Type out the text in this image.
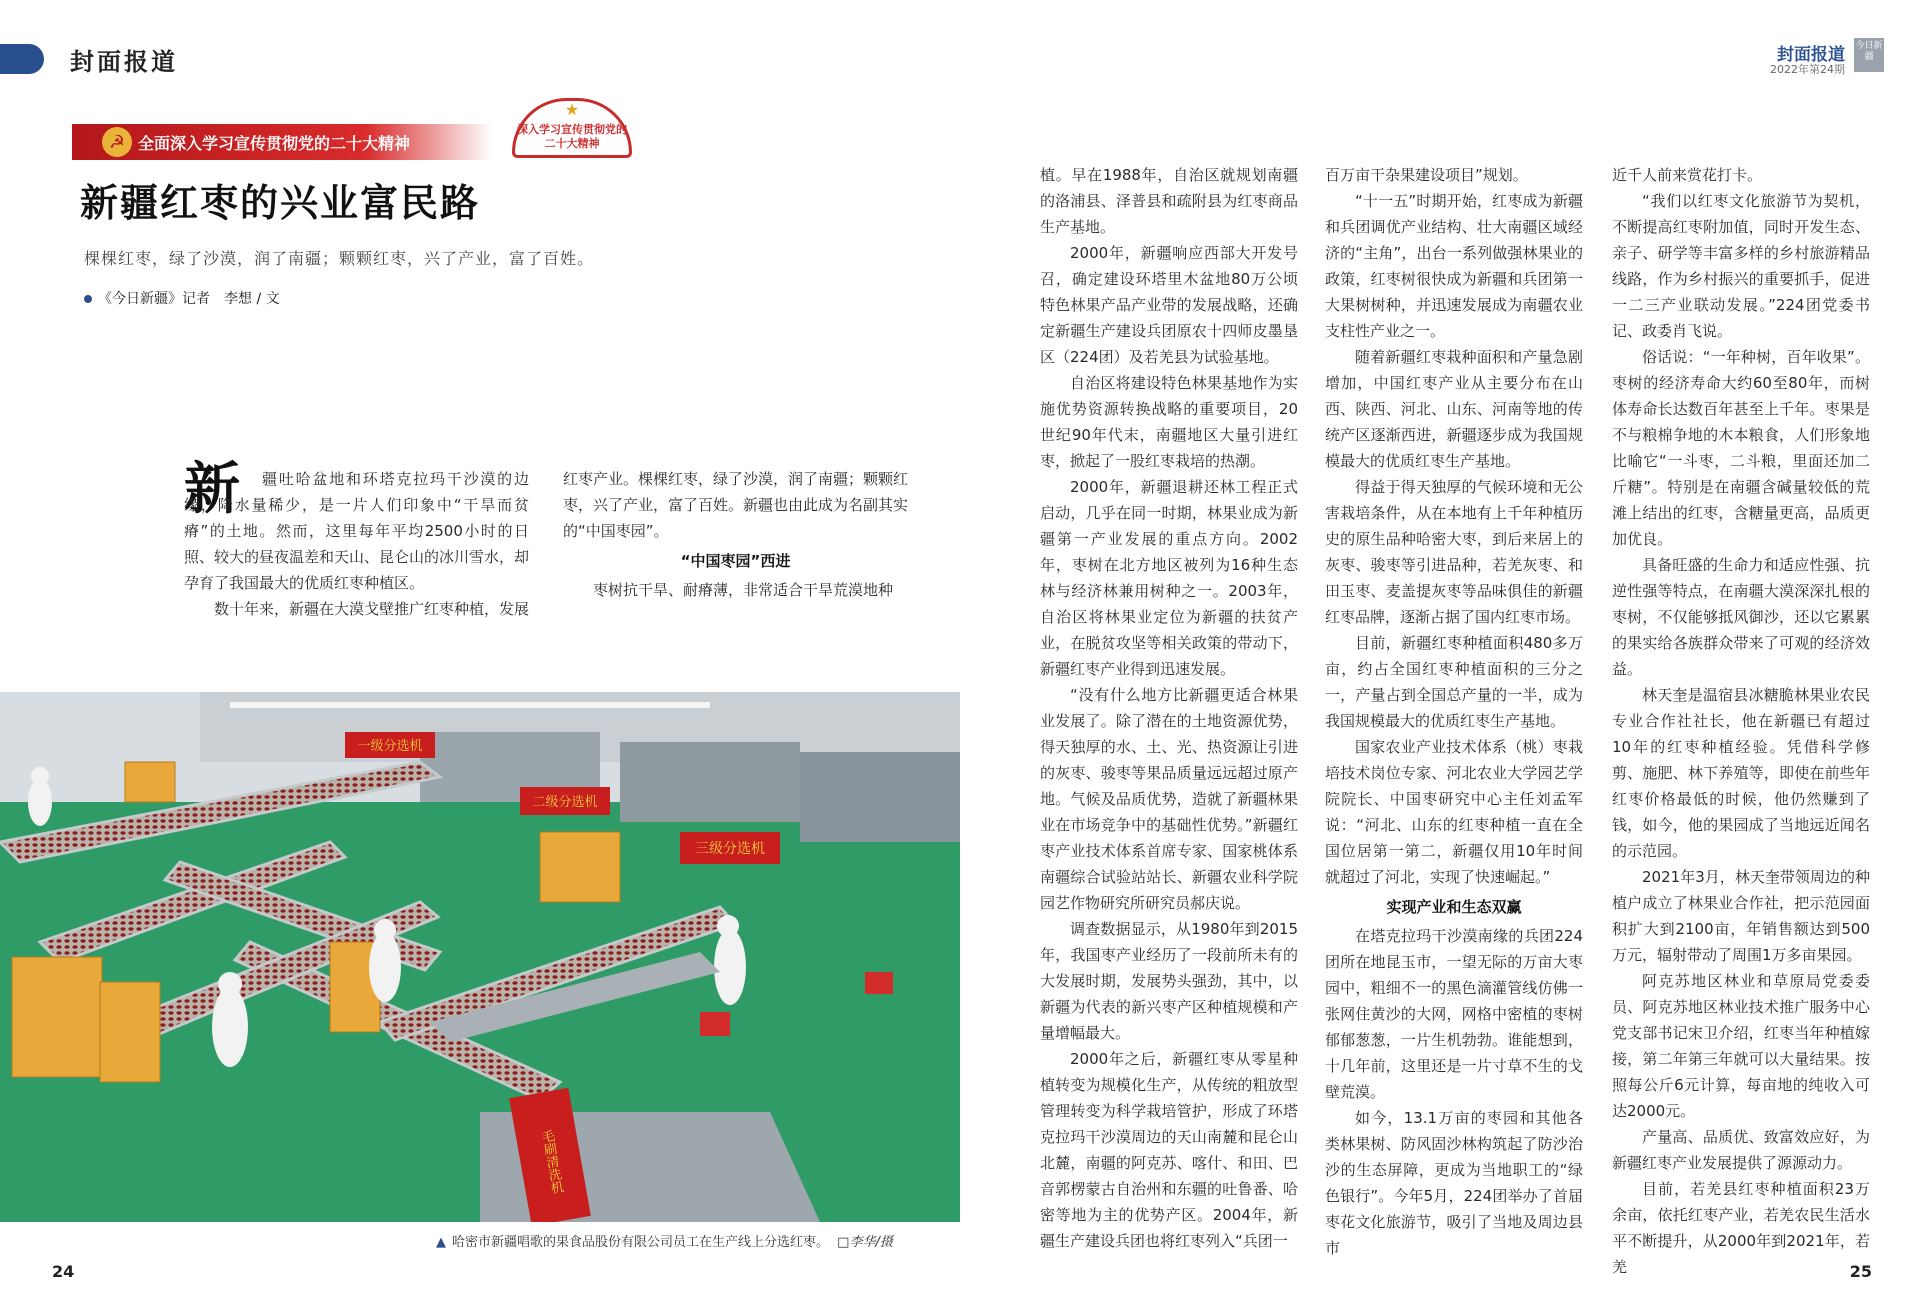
封面报道	封面报道
2022年第24期
今日新疆
☭ 全面深入学习宣传贯彻党的二十大精神
★
深入学习宣传贯彻党的二十大精神
新疆红枣的兴业富民路
棵棵红枣，绿了沙漠，润了南疆；颗颗红枣，兴了产业，富了百姓。
《今日新疆》记者　李想 / 文
新	疆吐哈盆地和环塔克拉玛干沙漠的边缘，降水量稀少，是一片人们印象中“干旱而贫瘠”的土地。然而，这里每年平均2500小时的日照、较大的昼夜温差和天山、昆仑山的冰川雪水，却孕育了我国最大的优质红枣种植区。

数十年来，新疆在大漠戈壁推广红枣种植，发展

红枣产业。棵棵红枣，绿了沙漠，润了南疆；颗颗红枣，兴了产业，富了百姓。新疆也由此成为名副其实的“中国枣园”。

“中国枣园”西进

枣树抗干旱、耐瘠薄，非常适合干旱荒漠地种

植。早在1988年，自治区就规划南疆的洛浦县、泽普县和疏附县为红枣商品生产基地。

2000年，新疆响应西部大开发号召，确定建设环塔里木盆地80万公顷特色林果产品产业带的发展战略，还确定新疆生产建设兵团原农十四师皮墨垦区（224团）及若羌县为试验基地。

自治区将建设特色林果基地作为实施优势资源转换战略的重要项目，20世纪90年代末，南疆地区大量引进红枣，掀起了一股红枣栽培的热潮。

2000年，新疆退耕还林工程正式启动，几乎在同一时期，林果业成为新疆第一产业发展的重点方向。2002年，枣树在北方地区被列为16种生态林与经济林兼用树种之一。2003年，自治区将林果业定位为新疆的扶贫产业，在脱贫攻坚等相关政策的带动下，新疆红枣产业得到迅速发展。

“没有什么地方比新疆更适合林果业发展了。除了潜在的土地资源优势，得天独厚的水、土、光、热资源让引进的灰枣、骏枣等果品质量远远超过原产地。气候及品质优势，造就了新疆林果业在市场竞争中的基础性优势。”新疆红枣产业技术体系首席专家、国家桃体系南疆综合试验站站长、新疆农业科学院园艺作物研究所研究员郝庆说。

调查数据显示，从1980年到2015年，我国枣产业经历了一段前所未有的大发展时期，发展势头强劲，其中，以新疆为代表的新兴枣产区种植规模和产量增幅最大。

2000年之后，新疆红枣从零星种植转变为规模化生产，从传统的粗放型管理转变为科学栽培管护，形成了环塔克拉玛干沙漠周边的天山南麓和昆仑山北麓，南疆的阿克苏、喀什、和田、巴音郭楞蒙古自治州和东疆的吐鲁番、哈密等地为主的优势产区。2004年，新疆生产建设兵团也将红枣列入“兵团一

百万亩干杂果建设项目”规划。

“十一五”时期开始，红枣成为新疆和兵团调优产业结构、壮大南疆区域经济的“主角”，出台一系列做强林果业的政策，红枣树很快成为新疆和兵团第一大果树树种，并迅速发展成为南疆农业支柱性产业之一。

随着新疆红枣栽种面积和产量急剧增加，中国红枣产业从主要分布在山西、陕西、河北、山东、河南等地的传统产区逐渐西进，新疆逐步成为我国规模最大的优质红枣生产基地。

得益于得天独厚的气候环境和无公害栽培条件，从在本地有上千年种植历史的原生品种哈密大枣，到后来居上的灰枣、骏枣等引进品种，若羌灰枣、和田玉枣、麦盖提灰枣等品味俱佳的新疆红枣品牌，逐渐占据了国内红枣市场。

目前，新疆红枣种植面积480多万亩，约占全国红枣种植面积的三分之一，产量占到全国总产量的一半，成为我国规模最大的优质红枣生产基地。

国家农业产业技术体系（桃）枣栽培技术岗位专家、河北农业大学园艺学院院长、中国枣研究中心主任刘孟军说：“河北、山东的红枣种植一直在全国位居第一第二，新疆仅用10年时间就超过了河北，实现了快速崛起。”

实现产业和生态双赢

在塔克拉玛干沙漠南缘的兵团224团所在地昆玉市，一望无际的万亩大枣园中，粗细不一的黑色滴灌管线仿佛一张网住黄沙的大网，网格中密植的枣树郁郁葱葱，一片生机勃勃。谁能想到，十几年前，这里还是一片寸草不生的戈壁荒漠。

如今，13.1万亩的枣园和其他各类林果树、防风固沙林构筑起了防沙治沙的生态屏障，更成为当地职工的“绿色银行”。今年5月，224团举办了首届枣花文化旅游节，吸引了当地及周边县市

近千人前来赏花打卡。

“我们以红枣文化旅游节为契机，不断提高红枣附加值，同时开发生态、亲子、研学等丰富多样的乡村旅游精品线路，作为乡村振兴的重要抓手，促进一二三产业联动发展。”224团党委书记、政委肖飞说。

俗话说：“一年种树，百年收果”。枣树的经济寿命大约60至80年，而树体寿命长达数百年甚至上千年。枣果是不与粮棉争地的木本粮食，人们形象地比喻它“一斗枣，二斗粮，里面还加二斤糖”。特别是在南疆含碱量较低的荒滩上结出的红枣，含糖量更高，品质更加优良。

具备旺盛的生命力和适应性强、抗逆性强等特点，在南疆大漠深深扎根的枣树，不仅能够抵风御沙，还以它累累的果实给各族群众带来了可观的经济效益。

林天奎是温宿县冰糖脆林果业农民专业合作社社长，他在新疆已有超过10年的红枣种植经验。凭借科学修剪、施肥、林下养殖等，即使在前些年红枣价格最低的时候，他仍然赚到了钱，如今，他的果园成了当地远近闻名的示范园。

2021年3月，林天奎带领周边的种植户成立了林果业合作社，把示范园面积扩大到2100亩，年销售额达到500万元，辐射带动了周围1万多亩果园。

阿克苏地区林业和草原局党委委员、阿克苏地区林业技术推广服务中心党支部书记宋卫介绍，红枣当年种植嫁接，第二年第三年就可以大量结果。按照每公斤6元计算，每亩地的纯收入可达2000元。

产量高、品质优、致富效应好，为新疆红枣产业发展提供了源源动力。

目前，若羌县红枣种植面积23万余亩，依托红枣产业，若羌农民生活水平不断提升，从2000年到2021年，若羌

一级分选机
二级分选机
三级分选机
毛刷清洗机
▲ 哈密市新疆唱歌的果食品股份有限公司员工在生产线上分选红枣。 □李华/摄
24	25
